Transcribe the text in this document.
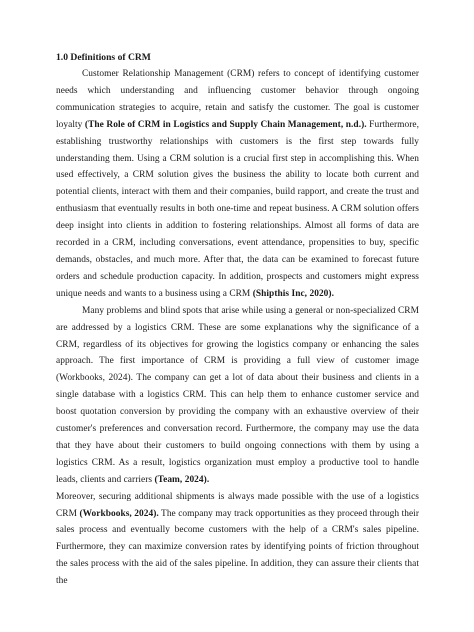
1.0 Definitions of CRM

Customer Relationship Management (CRM) refers to concept of identifying customer needs which understanding and influencing customer behavior through ongoing communication strategies to acquire, retain and satisfy the customer. The goal is customer loyalty (The Role of CRM in Logistics and Supply Chain Management, n.d.). Furthermore, establishing trustworthy relationships with customers is the first step towards fully understanding them. Using a CRM solution is a crucial first step in accomplishing this. When used effectively, a CRM solution gives the business the ability to locate both current and potential clients, interact with them and their companies, build rapport, and create the trust and enthusiasm that eventually results in both one-time and repeat business. A CRM solution offers deep insight into clients in addition to fostering relationships. Almost all forms of data are recorded in a CRM, including conversations, event attendance, propensities to buy, specific demands, obstacles, and much more. After that, the data can be examined to forecast future orders and schedule production capacity. In addition, prospects and customers might express unique needs and wants to a business using a CRM (Shipthis Inc, 2020).

Many problems and blind spots that arise while using a general or non-specialized CRM are addressed by a logistics CRM. These are some explanations why the significance of a CRM, regardless of its objectives for growing the logistics company or enhancing the sales approach. The first importance of CRM is providing a full view of customer image (Workbooks, 2024). The company can get a lot of data about their business and clients in a single database with a logistics CRM. This can help them to enhance customer service and boost quotation conversion by providing the company with an exhaustive overview of their customer's preferences and conversation record. Furthermore, the company may use the data that they have about their customers to build ongoing connections with them by using a logistics CRM. As a result, logistics organization must employ a productive tool to handle leads, clients and carriers (Team, 2024).

Moreover, securing additional shipments is always made possible with the use of a logistics CRM (Workbooks, 2024). The company may track opportunities as they proceed through their sales process and eventually become customers with the help of a CRM's sales pipeline. Furthermore, they can maximize conversion rates by identifying points of friction throughout the sales process with the aid of the sales pipeline. In addition, they can assure their clients that the
